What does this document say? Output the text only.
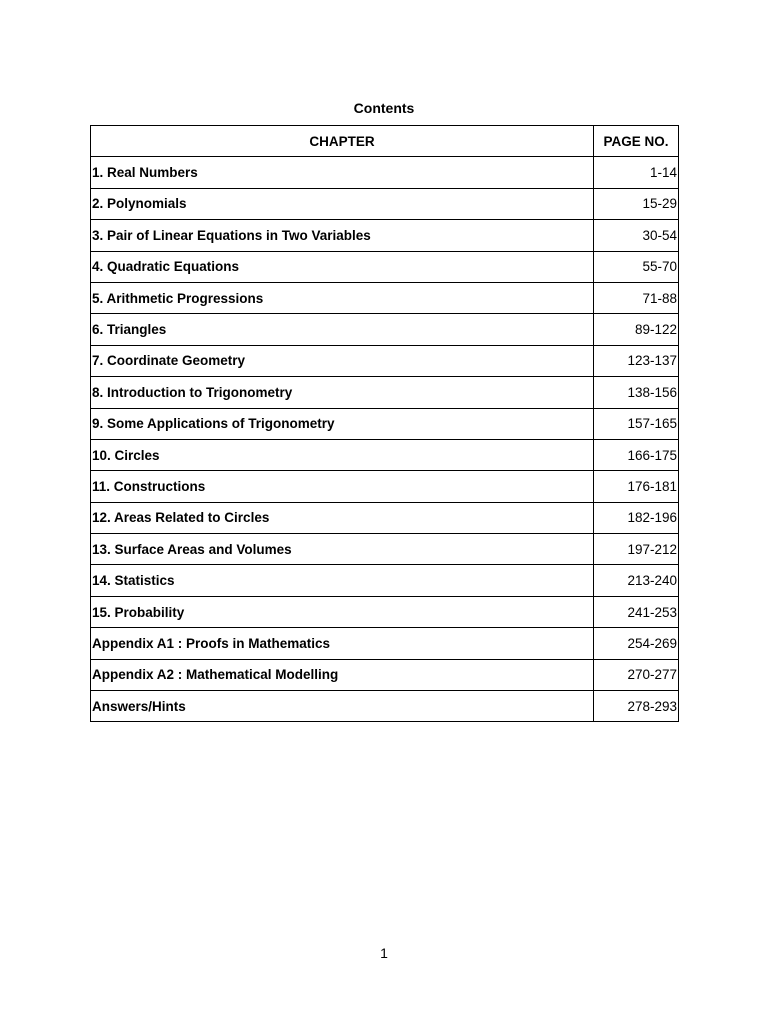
Contents
CHAPTER	PAGE NO.
1. Real Numbers	1-14
2. Polynomials	15-29
3. Pair of Linear Equations in Two Variables	30-54
4. Quadratic Equations	55-70
5. Arithmetic Progressions	71-88
6. Triangles	89-122
7. Coordinate Geometry	123-137
8. Introduction to Trigonometry	138-156
9. Some Applications of Trigonometry	157-165
10. Circles	166-175
11. Constructions	176-181
12. Areas Related to Circles	182-196
13. Surface Areas and Volumes	197-212
14. Statistics	213-240
15. Probability	241-253
Appendix A1 : Proofs in Mathematics	254-269
Appendix A2 : Mathematical Modelling	270-277
Answers/Hints	278-293
1
